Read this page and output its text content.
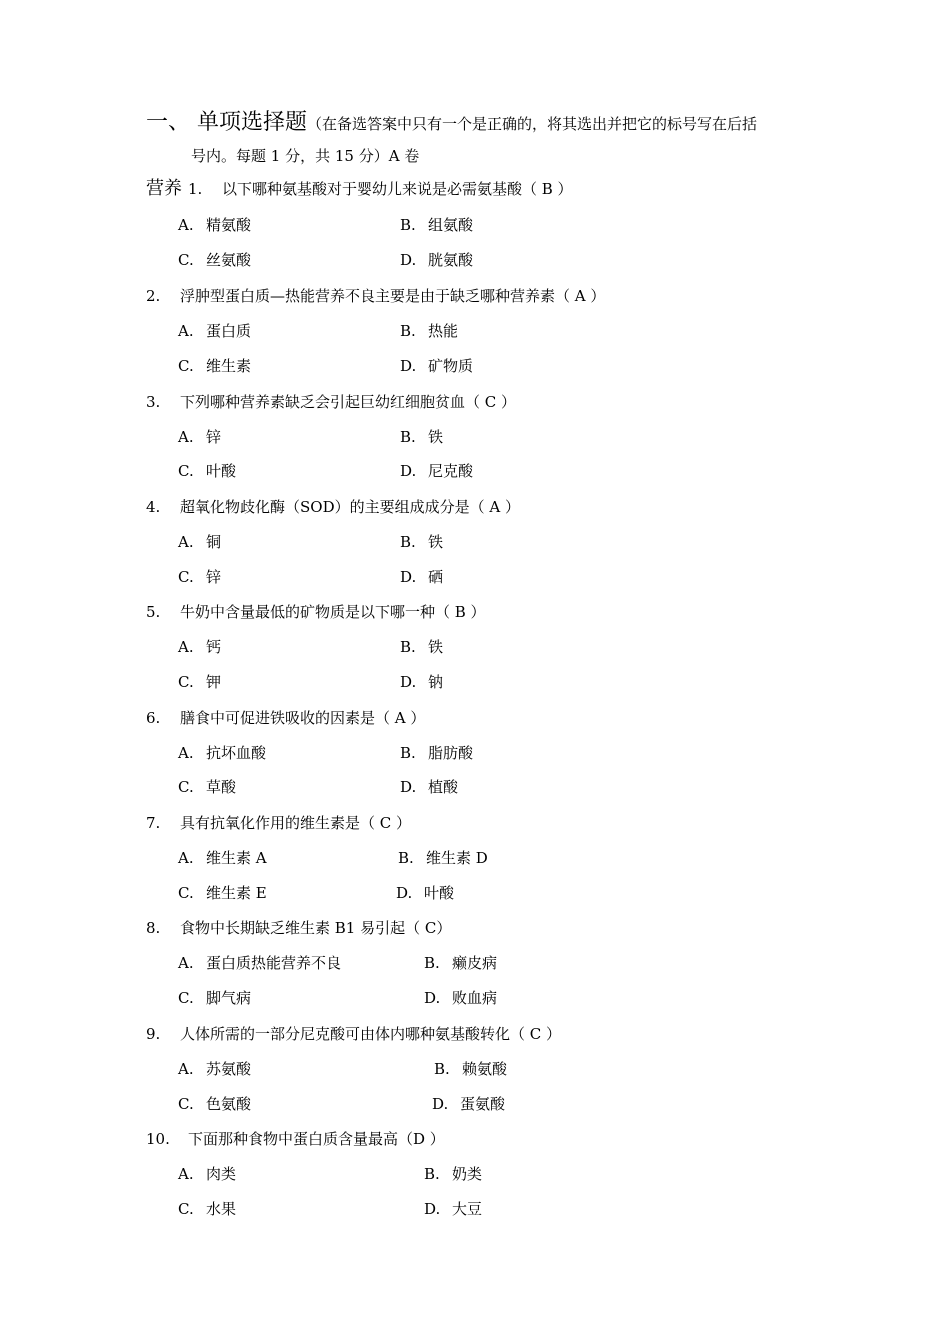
一、 单项选择题（在备选答案中只有一个是正确的，将其选出并把它的标号写在后括
号内。每题 1 分，共 15 分）A 卷
营养 1. 以下哪种氨基酸对于婴幼儿来说是必需氨基酸（ B ）
A. 精氨酸	B. 组氨酸
C. 丝氨酸	D. 胱氨酸
2. 浮肿型蛋白质—热能营养不良主要是由于缺乏哪种营养素（ A ）
A. 蛋白质	B. 热能
C. 维生素	D. 矿物质
3. 下列哪种营养素缺乏会引起巨幼红细胞贫血（ C ）
A. 锌	B. 铁
C. 叶酸	D. 尼克酸
4. 超氧化物歧化酶（SOD）的主要组成成分是（ A ）
A. 铜	B. 铁
C. 锌	D. 硒
5. 牛奶中含量最低的矿物质是以下哪一种（ B ）
A. 钙	B. 铁
C. 钾	D. 钠
6. 膳食中可促进铁吸收的因素是（ A ）
A. 抗坏血酸	B. 脂肪酸
C. 草酸	D. 植酸
7. 具有抗氧化作用的维生素是（ C ）
A. 维生素 A	B. 维生素 D
C. 维生素 E	D. 叶酸
8. 食物中长期缺乏维生素 B1 易引起（ C）
A. 蛋白质热能营养不良	B. 癞皮病
C. 脚气病	D. 败血病
9. 人体所需的一部分尼克酸可由体内哪种氨基酸转化（ C ）
A. 苏氨酸	B. 赖氨酸
C. 色氨酸	D. 蛋氨酸
10. 下面那种食物中蛋白质含量最高（D ）
A. 肉类	B. 奶类
C. 水果	D. 大豆
